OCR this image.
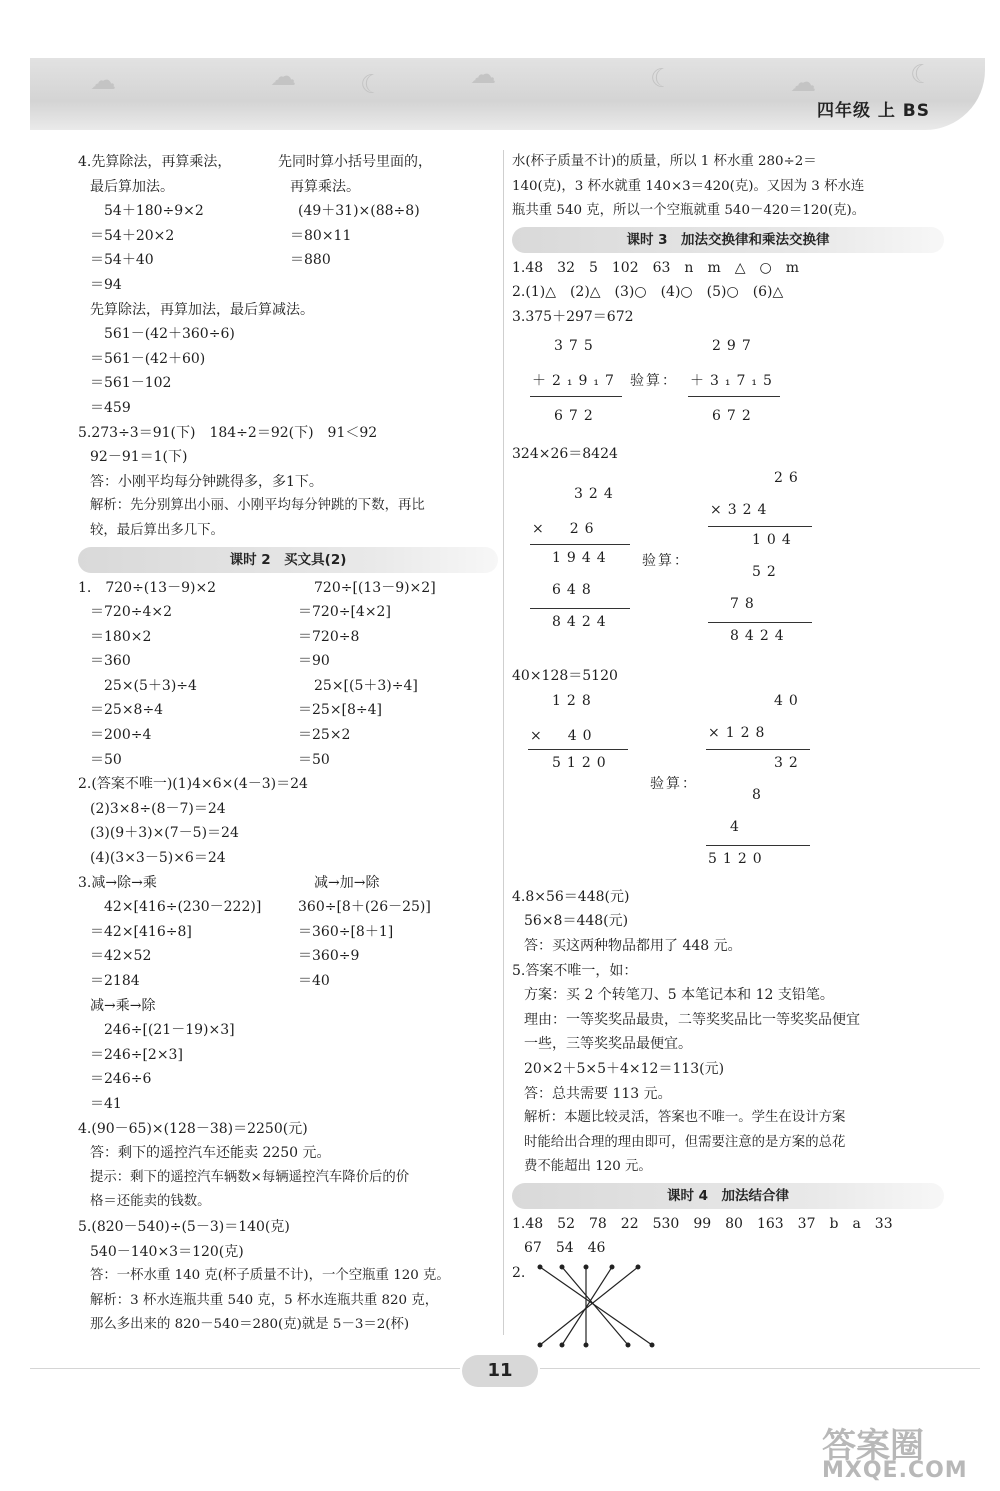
☁	☁ ☾	☁	☾	☁	☾
四年级 上 BS
4.先算除法，再算乘法，
最后算加法。
54＋180÷9×2
＝54＋20×2
＝54＋40
＝94
先同时算小括号里面的，
再算乘法。
(49＋31)×(88÷8)
＝80×11
＝880
先算除法，再算加法，最后算减法。
561－(42＋360÷6)
＝561－(42＋60)
＝561－102
＝459
5.273÷3＝91(下)　184÷2＝92(下)　91＜92
92－91＝1(下)
答：小刚平均每分钟跳得多，多1下。
解析：先分别算出小丽、小刚平均每分钟跳的下数，再比
较，最后算出多几下。
课时 2　买文具(2)
1.　720÷(13－9)×2
＝720÷4×2
＝180×2
＝360
25×(5＋3)÷4
＝25×8÷4
＝200÷4
＝50
720÷[(13－9)×2]
＝720÷[4×2]
＝720÷8
＝90
25×[(5＋3)÷4]
＝25×[8÷4]
＝25×2
＝50
2.(答案不唯一)(1)4×6×(4－3)＝24
(2)3×8÷(8－7)＝24
(3)(9＋3)×(7－5)＝24
(4)(3×3－5)×6＝24
3.减→除→乘
42×[416÷(230－222)]
＝42×[416÷8]
＝42×52
＝2184
减→加→除
360÷[8＋(26－25)]
＝360÷[8＋1]
＝360÷9
＝40
减→乘→除
246÷[(21－19)×3]
＝246÷[2×3]
＝246÷6
＝41
4.(90－65)×(128－38)＝2250(元)
答：剩下的遥控汽车还能卖 2250 元。
提示：剩下的遥控汽车辆数×每辆遥控汽车降价后的价
格＝还能卖的钱数。
5.(820－540)÷(5－3)＝140(克)
540－140×3＝120(克)
答：一杯水重 140 克(杯子质量不计)，一个空瓶重 120 克。
解析：3 杯水连瓶共重 540 克，5 杯水连瓶共重 820 克，
那么多出来的 820－540＝280(克)就是 5－3＝2(杯)
水(杯子质量不计)的质量，所以 1 杯水重 280÷2＝
140(克)，3 杯水就重 140×3＝420(克)。又因为 3 杯水连
瓶共重 540 克，所以一个空瓶就重 540－420＝120(克)。
课时 3　加法交换律和乘法交换律
1.48　32　5　102　63　n　m　△　○　m
2.(1)△　(2)△　(3)○　(4)○　(5)○　(6)△
3.375＋297＝672
375
＋2₁9₁7
672
验算：
297
＋3₁7₁5
672
324×26＝8424
324
×　26
1944
648
8424
验算：
26
×324
104
52
78
8424
40×128＝5120
128
×　40
5120
验算：
40
×128
32
8
4
5120
4.8×56＝448(元)
56×8＝448(元)
答：买这两种物品都用了 448 元。
5.答案不唯一，如：
方案：买 2 个转笔刀、5 本笔记本和 12 支铅笔。
理由：一等奖奖品最贵，二等奖奖品比一等奖奖品便宜
一些，三等奖奖品最便宜。
20×2＋5×5＋4×12＝113(元)
答：总共需要 113 元。
解析：本题比较灵活，答案也不唯一。学生在设计方案
时能给出合理的理由即可，但需要注意的是方案的总花
费不能超出 120 元。
课时 4　加法结合律
1.48　52　78　22　530　99　80　163　37　b　a　33
67　54　46
2.
11
答案圈
MXQE.COM
